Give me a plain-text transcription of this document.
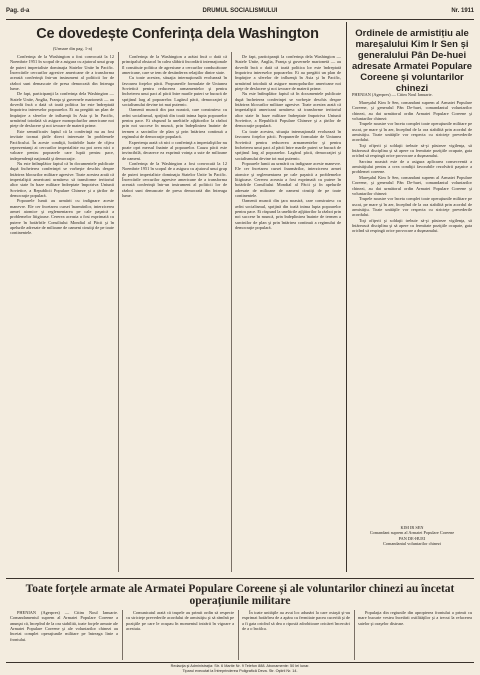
Pag. d-a	DRUMUL SOCIALISMULUI	Nr. 1911
Ce dovedește Conferința dela Washington
(Urmare din pag. 1-a)

Conferinţa de la Washington a fost convocată la 12 Noembrie 1951 în scopul de a asigura cu ajutorul unui grup de puteri imperialiste dominaţia Statelor Unite în Pacific. Încercările cercurilor agresive americane de a transforma această conferinţă într-un instrument al politicii lor de război sunt demascate de presa democrată din întreaga lume.

De fapt, participanţii la conferinţa dela Washington — Statele Unite, Anglia, Franţa şi guvernele marionetă — au dovedit încă o dată că toată politica lor este îndreptată împotriva intereselor popoarelor. Ei au pregătit un plan de împărţire a sferelor de influenţă în Asia şi în Pacific, urmărind totodată să asigure monopolurilor americane noi pieţe de desfacere şi noi izvoare de materii prime.

Este semnificativ faptul că la conferinţă nu au fost invitate tocmai ţările direct interesate în problemele Pacificului. În aceste condiţii, hotărîrile luate de cîţiva reprezentanţi ai cercurilor imperialiste nu pot avea nici o valoare pentru popoarele care luptă pentru pace, independenţă naţională şi democraţie.

Nu este întîmplător faptul că în documentele publicate după încheierea conferinţei se vorbeşte deschis despre întărirea blocurilor militare agresive. Toate acestea arată că imperialiştii americani urmăresc să transforme teritoriul altor state în baze militare îndreptate împotriva Uniunii Sovietice, a Republicii Populare Chineze şi a ţărilor de democraţie populară.

Popoarele lumii au urmărit cu indignare aceste manevre. Ele cer încetarea cursei înarmărilor, interzicerea armei atomice şi reglementarea pe cale paşnică a problemelor litigioase. Cererea aceasta a fost exprimată cu putere în hotărîrile Consiliului Mondial al Păcii şi în apelurile adresate de milioane de oameni cinstiţi de pe toate continentele.

Conferinţa de la Washington a arătat încă o dată că principalul obstacol în calea slăbirii încordării internaţionale îl constituie politica de agresiune a cercurilor conducătoare americane, care se tem de destinderea relaţiilor dintre state.

Cu toate acestea, situaţia internaţională evoluează în favoarea forţelor păcii. Propunerile formulate de Uniunea Sovietică pentru reducerea armamentelor şi pentru încheierea unui pact al păcii între marile puteri se bucură de sprijinul larg al popoarelor. Lagărul păcii, democraţiei şi socialismului devine tot mai puternic.

Oamenii muncii din ţara noastră, care construiesc cu avînt socialismul, sprijină din toată inima lupta popoarelor pentru pace. Ei răspund la uneltirile aţîţătorilor la război prin noi succese în muncă, prin îndeplinirea înainte de termen a sarcinilor de plan şi prin întărirea continuă a regimului de democraţie populară.

Experienţa arată că nici o conferinţă a imperialiştilor nu poate opri mersul înainte al popoarelor. Cauza păcii este invincibilă, deoarece ea exprimă voinţa a sute de milioane de oameni.

Conferinţa de la Washington a fost convocată la 12 Noembrie 1951 în scopul de a asigura cu ajutorul unui grup de puteri imperialiste dominaţia Statelor Unite în Pacific. Încercările cercurilor agresive americane de a transforma această conferinţă într-un instrument al politicii lor de război sunt demascate de presa democrată din întreaga lume.

De fapt, participanţii la conferinţa dela Washington — Statele Unite, Anglia, Franţa şi guvernele marionetă — au dovedit încă o dată că toată politica lor este îndreptată împotriva intereselor popoarelor. Ei au pregătit un plan de împărţire a sferelor de influenţă în Asia şi în Pacific, urmărind totodată să asigure monopolurilor americane noi pieţe de desfacere şi noi izvoare de materii prime.

Nu este întîmplător faptul că în documentele publicate după încheierea conferinţei se vorbeşte deschis despre întărirea blocurilor militare agresive. Toate acestea arată că imperialiştii americani urmăresc să transforme teritoriul altor state în baze militare îndreptate împotriva Uniunii Sovietice, a Republicii Populare Chineze şi a ţărilor de democraţie populară.

Cu toate acestea, situaţia internaţională evoluează în favoarea forţelor păcii. Propunerile formulate de Uniunea Sovietică pentru reducerea armamentelor şi pentru încheierea unui pact al păcii între marile puteri se bucură de sprijinul larg al popoarelor. Lagărul păcii, democraţiei şi socialismului devine tot mai puternic.

Popoarele lumii au urmărit cu indignare aceste manevre. Ele cer încetarea cursei înarmărilor, interzicerea armei atomice şi reglementarea pe cale paşnică a problemelor litigioase. Cererea aceasta a fost exprimată cu putere în hotărîrile Consiliului Mondial al Păcii şi în apelurile adresate de milioane de oameni cinstiţi de pe toate continentele.

Oamenii muncii din ţara noastră, care construiesc cu avînt socialismul, sprijină din toată inima lupta popoarelor pentru pace. Ei răspund la uneltirile aţîţătorilor la război prin noi succese în muncă, prin îndeplinirea înainte de termen a sarcinilor de plan şi prin întărirea continuă a regimului de democraţie populară.

Ordinele de armistițiu ale mareșalului Kim Ir Sen și generalului Pân De-huei adresate Armatei Populare Coreene și voluntarilor chinezi
PHENIAN (Agerpres) — Citim Noul Ianuarie.

Mareşalul Kim Ir Sen, comandant suprem al Armatei Populare Coreene, şi generalul Pân De-huei, comandantul voluntarilor chinezi, au dat următorul ordin Armatei Populare Coreene şi voluntarilor chinezi:

Trupele noastre vor înceta complet toate operaţiunile militare pe uscat, pe mare şi în aer, începînd de la ora stabilită prin acordul de armistiţiu. Toate unităţile vor respecta cu stricteţe prevederile acordului.

Toţi ofiţerii şi soldaţii trebuie să-şi păstreze vigilenţa, să întărească disciplina şi să apere cu fermitate poziţiile ocupate, gata oricînd să respingă orice provocare a duşmanului.

Sarcina noastră este de a asigura aplicarea consecventă a armistiţiului pentru a crea condiţii favorabile rezolvării paşnice a problemei coreene.

Mareşalul Kim Ir Sen, comandant suprem al Armatei Populare Coreene, şi generalul Pân De-huei, comandantul voluntarilor chinezi, au dat următorul ordin Armatei Populare Coreene şi voluntarilor chinezi:

Trupele noastre vor înceta complet toate operaţiunile militare pe uscat, pe mare şi în aer, începînd de la ora stabilită prin acordul de armistiţiu. Toate unităţile vor respecta cu stricteţe prevederile acordului.

Toţi ofiţerii şi soldaţii trebuie să-şi păstreze vigilenţa, să întărească disciplina şi să apere cu fermitate poziţiile ocupate, gata oricînd să respingă orice provocare a duşmanului.

KIM IR SEN
Comandant suprem al Armatei Populare Coreene
PAN DE-HUEI
Comandantul voluntarilor chinezi
Toate forțele armate ale Armatei Populare Coreene și ale voluntarilor chinezi au încetat operațiunile militare

PHENIAN (Agerpres) — Citim Noul Ianuarie. Comandamentul suprem al Armatei Populare Coreene a anunţat că, începînd de la ora stabilită, toate forţele armate ale Armatei Populare Coreene şi ale voluntarilor chinezi au încetat complet operaţiunile militare pe întreaga linie a frontului.

Comunicatul arată că trupele au primit ordin să respecte cu stricteţe prevederile acordului de armistiţiu şi să rămînă pe poziţiile pe care le ocupau în momentul intrării în vigoare a acestuia.

În toate unităţile au avut loc adunări la care ostaşii şi-au exprimat hotărîrea de a apăra cu fermitate pacea cucerită şi de a fi gata oricînd să dea o ripostă zdrobitoare oricărei încercări de a o încălca.

Populaţia din regiunile din apropierea frontului a primit cu mare bucurie vestea încetării ostilităţilor şi a trecut la refacerea satelor şi oraşelor distruse.

Redacţia şi Administraţia: Str. 6 Martie Nr. 9 Telefon 888. Abonamente: 50 lei lunar.
Tiparul executat la Întreprinderea Poligrafică Deva. Str. Oştirii Nr. 14.
